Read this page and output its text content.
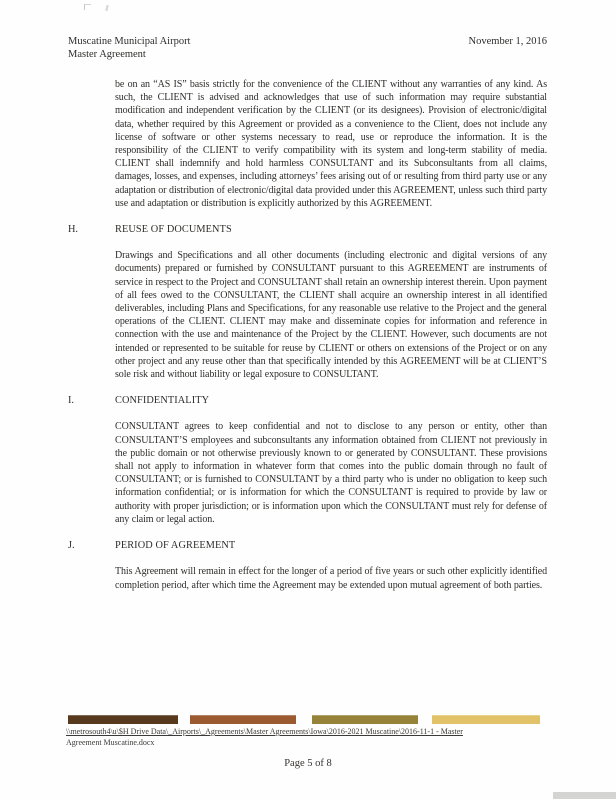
Muscatine Municipal Airport
Master Agreement
November 1, 2016

be on an “AS IS” basis strictly for the convenience of the CLIENT without any warranties of any kind. As such, the CLIENT is advised and acknowledges that use of such information may require substantial modification and independent verification by the CLIENT (or its designees). Provision of electronic/digital data, whether required by this Agreement or provided as a convenience to the Client, does not include any license of software or other systems necessary to read, use or reproduce the information. It is the responsibility of the CLIENT to verify compatibility with its system and long-term stability of media. CLIENT shall indemnify and hold harmless CONSULTANT and its Subconsultants from all claims, damages, losses, and expenses, including attorneys’ fees arising out of or resulting from third party use or any adaptation or distribution of electronic/digital data provided under this AGREEMENT, unless such third party use and adaptation or distribution is explicitly authorized by this AGREEMENT.

H.	REUSE OF DOCUMENTS

Drawings and Specifications and all other documents (including electronic and digital versions of any documents) prepared or furnished by CONSULTANT pursuant to this AGREEMENT are instruments of service in respect to the Project and CONSULTANT shall retain an ownership interest therein. Upon payment of all fees owed to the CONSULTANT, the CLIENT shall acquire an ownership interest in all identified deliverables, including Plans and Specifications, for any reasonable use relative to the Project and the general operations of the CLIENT. CLIENT may make and disseminate copies for information and reference in connection with the use and maintenance of the Project by the CLIENT. However, such documents are not intended or represented to be suitable for reuse by CLIENT or others on extensions of the Project or on any other project and any reuse other than that specifically intended by this AGREEMENT will be at CLIENT’S sole risk and without liability or legal exposure to CONSULTANT.

I.	CONFIDENTIALITY

CONSULTANT agrees to keep confidential and not to disclose to any person or entity, other than CONSULTANT’S employees and subconsultants any information obtained from CLIENT not previously in the public domain or not otherwise previously known to or generated by CONSULTANT. These provisions shall not apply to information in whatever form that comes into the public domain through no fault of CONSULTANT; or is furnished to CONSULTANT by a third party who is under no obligation to keep such information confidential; or is information for which the CONSULTANT is required to provide by law or authority with proper jurisdiction; or is information upon which the CONSULTANT must rely for defense of any claim or legal action.

J.	PERIOD OF AGREEMENT

This Agreement will remain in effect for the longer of a period of five years or such other explicitly identified completion period, after which time the Agreement may be extended upon mutual agreement of both parties.

\\metrosouth4\u\$H Drive Data\_Airports\_Agreements\Master Agreements\Iowa\2016-2021 Muscatine\2016-11-1 - Master
Agreement Muscatine.docx
Page 5 of 8
